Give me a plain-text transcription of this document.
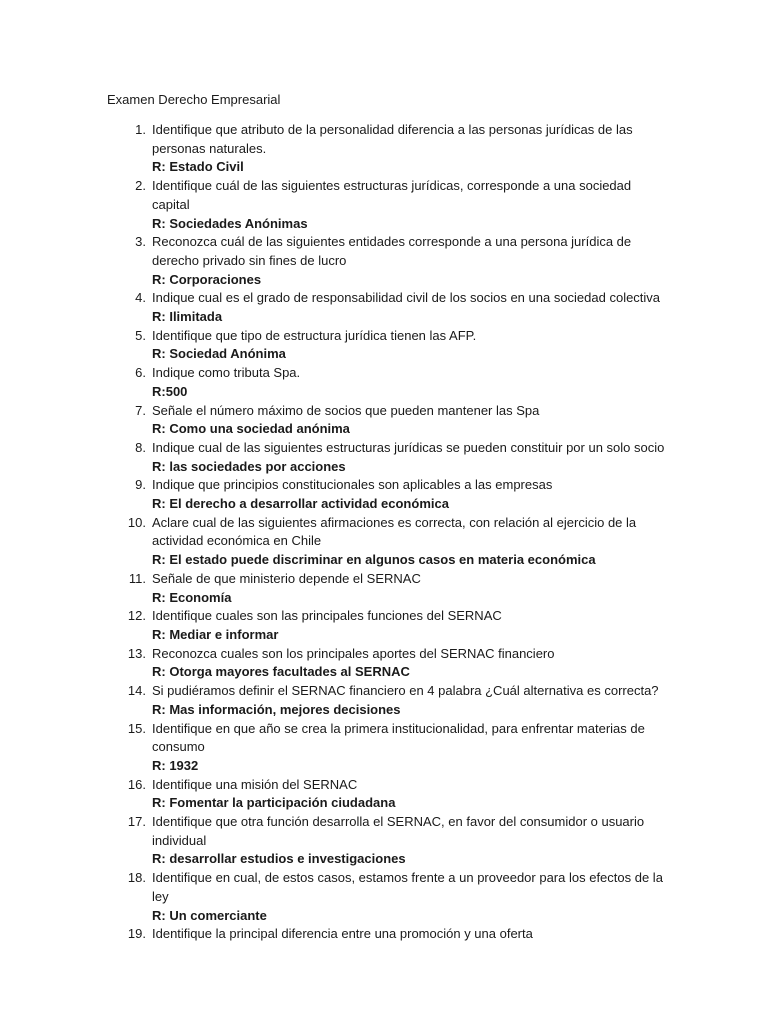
Examen Derecho Empresarial
1. Identifique que atributo de la personalidad diferencia a las personas jurídicas de las personas naturales.
R: Estado Civil
2. Identifique cuál de las siguientes estructuras jurídicas, corresponde a una sociedad capital
R: Sociedades Anónimas
3. Reconozca cuál de las siguientes entidades corresponde a una persona jurídica de derecho privado sin fines de lucro
R: Corporaciones
4. Indique cual es el grado de responsabilidad civil de los socios en una sociedad colectiva
R: Ilimitada
5. Identifique que tipo de estructura jurídica tienen las AFP.
R: Sociedad Anónima
6. Indique como tributa Spa.
R:500
7. Señale el número máximo de socios que pueden mantener las Spa
R: Como una sociedad anónima
8. Indique cual de las siguientes estructuras jurídicas se pueden constituir por un solo socio
R: las sociedades por acciones
9. Indique que principios constitucionales son aplicables a las empresas
R: El derecho a desarrollar actividad económica
10. Aclare cual de las siguientes afirmaciones es correcta, con relación al ejercicio de la actividad económica en Chile
R: El estado puede discriminar en algunos casos en materia económica
11. Señale de que ministerio depende el SERNAC
R: Economía
12. Identifique cuales son las principales funciones del SERNAC
R: Mediar e informar
13. Reconozca cuales son los principales aportes del SERNAC financiero
R: Otorga mayores facultades al SERNAC
14. Si pudiéramos definir el SERNAC financiero en 4 palabra ¿Cuál alternativa es correcta?
R: Mas información, mejores decisiones
15. Identifique en que año se crea la primera institucionalidad, para enfrentar materias de consumo
R: 1932
16. Identifique una misión del SERNAC
R: Fomentar la participación ciudadana
17. Identifique que otra función desarrolla el SERNAC, en favor del consumidor o usuario individual
R: desarrollar estudios e investigaciones
18. Identifique en cual, de estos casos, estamos frente a un proveedor para los efectos de la ley
R: Un comerciante
19. Identifique la principal diferencia entre una promoción y una oferta
